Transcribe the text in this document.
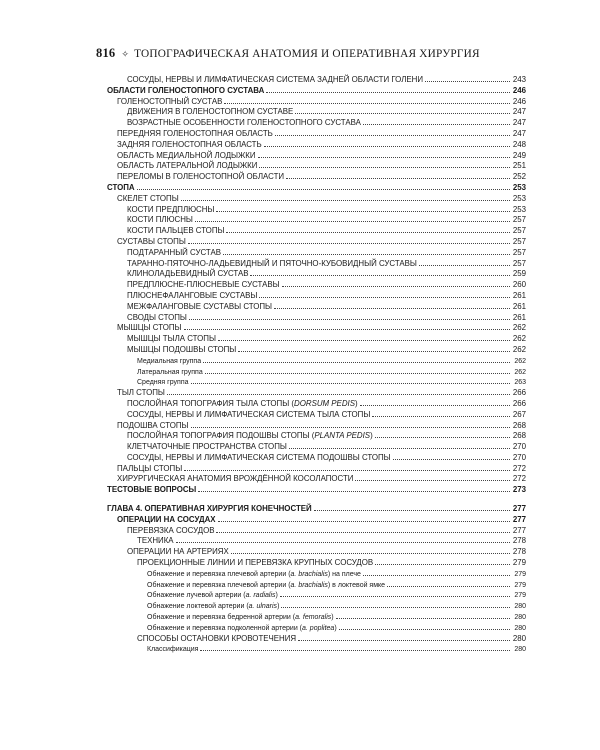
816 ✧ ТОПОГРАФИЧЕСКАЯ АНАТОМИЯ И ОПЕРАТИВНАЯ ХИРУРГИЯ
СОСУДЫ, НЕРВЫ И ЛИМФАТИЧЕСКАЯ СИСТЕМА ЗАДНЕЙ ОБЛАСТИ ГОЛЕНИ	243
ОБЛАСТИ ГОЛЕНОСТОПНОГО СУСТАВА	246
ГОЛЕНОСТОПНЫЙ СУСТАВ	246
ДВИЖЕНИЯ В ГОЛЕНОСТОПНОМ СУСТАВЕ	247
ВОЗРАСТНЫЕ ОСОБЕННОСТИ ГОЛЕНОСТОПНОГО СУСТАВА	247
ПЕРЕДНЯЯ ГОЛЕНОСТОПНАЯ ОБЛАСТЬ	247
ЗАДНЯЯ ГОЛЕНОСТОПНАЯ ОБЛАСТЬ	248
ОБЛАСТЬ МЕДИАЛЬНОЙ ЛОДЫЖКИ	249
ОБЛАСТЬ ЛАТЕРАЛЬНОЙ ЛОДЫЖКИ	251
ПЕРЕЛОМЫ В ГОЛЕНОСТОПНОЙ ОБЛАСТИ	252
СТОПА	253
СКЕЛЕТ СТОПЫ	253
КОСТИ ПРЕДПЛЮСНЫ	253
КОСТИ ПЛЮСНЫ	257
КОСТИ ПАЛЬЦЕВ СТОПЫ	257
СУСТАВЫ СТОПЫ	257
ПОДТАРАННЫЙ СУСТАВ	257
ТАРАННО-ПЯТОЧНО-ЛАДЬЕВИДНЫЙ И ПЯТОЧНО-КУБОВИДНЫЙ СУСТАВЫ	257
КЛИНОЛАДЬЕВИДНЫЙ СУСТАВ	259
ПРЕДПЛЮСНЕ-ПЛЮСНЕВЫЕ СУСТАВЫ	260
ПЛЮСНЕФАЛАНГОВЫЕ СУСТАВЫ	261
МЕЖФАЛАНГОВЫЕ СУСТАВЫ СТОПЫ	261
СВОДЫ СТОПЫ	261
МЫШЦЫ СТОПЫ	262
МЫШЦЫ ТЫЛА СТОПЫ	262
МЫШЦЫ ПОДОШВЫ СТОПЫ	262
Медиальная группа	262
Латеральная группа	262
Средняя группа	263
ТЫЛ СТОПЫ	266
ПОСЛОЙНАЯ ТОПОГРАФИЯ ТЫЛА СТОПЫ (DORSUM PEDIS)	266
СОСУДЫ, НЕРВЫ И ЛИМФАТИЧЕСКАЯ СИСТЕМА ТЫЛА СТОПЫ	267
ПОДОШВА СТОПЫ	268
ПОСЛОЙНАЯ ТОПОГРАФИЯ ПОДОШВЫ СТОПЫ (PLANTA PEDIS)	268
КЛЕТЧАТОЧНЫЕ ПРОСТРАНСТВА СТОПЫ	270
СОСУДЫ, НЕРВЫ И ЛИМФАТИЧЕСКАЯ СИСТЕМА ПОДОШВЫ СТОПЫ	270
ПАЛЬЦЫ СТОПЫ	272
ХИРУРГИЧЕСКАЯ АНАТОМИЯ ВРОЖДЁННОЙ КОСОЛАПОСТИ	272
ТЕСТОВЫЕ ВОПРОСЫ	273
ГЛАВА 4. ОПЕРАТИВНАЯ ХИРУРГИЯ КОНЕЧНОСТЕЙ	277
ОПЕРАЦИИ НА СОСУДАХ	277
ПЕРЕВЯЗКА СОСУДОВ	277
ТЕХНИКА	278
ОПЕРАЦИИ НА АРТЕРИЯХ	278
ПРОЕКЦИОННЫЕ ЛИНИИ И ПЕРЕВЯЗКА КРУПНЫХ СОСУДОВ	279
Обнажение и перевязка плечевой артерии (a. brachialis) на плече	279
Обнажение и перевязка плечевой артерии (a. brachialis) в локтевой ямке	279
Обнажение лучевой артерии (a. radialis)	279
Обнажение локтевой артерии (a. ulnaris)	280
Обнажение и перевязка бедренной артерии (a. femoralis)	280
Обнажение и перевязка подколенной артерии (a. poplitea)	280
СПОСОБЫ ОСТАНОВКИ КРОВОТЕЧЕНИЯ	280
Классификация	280
